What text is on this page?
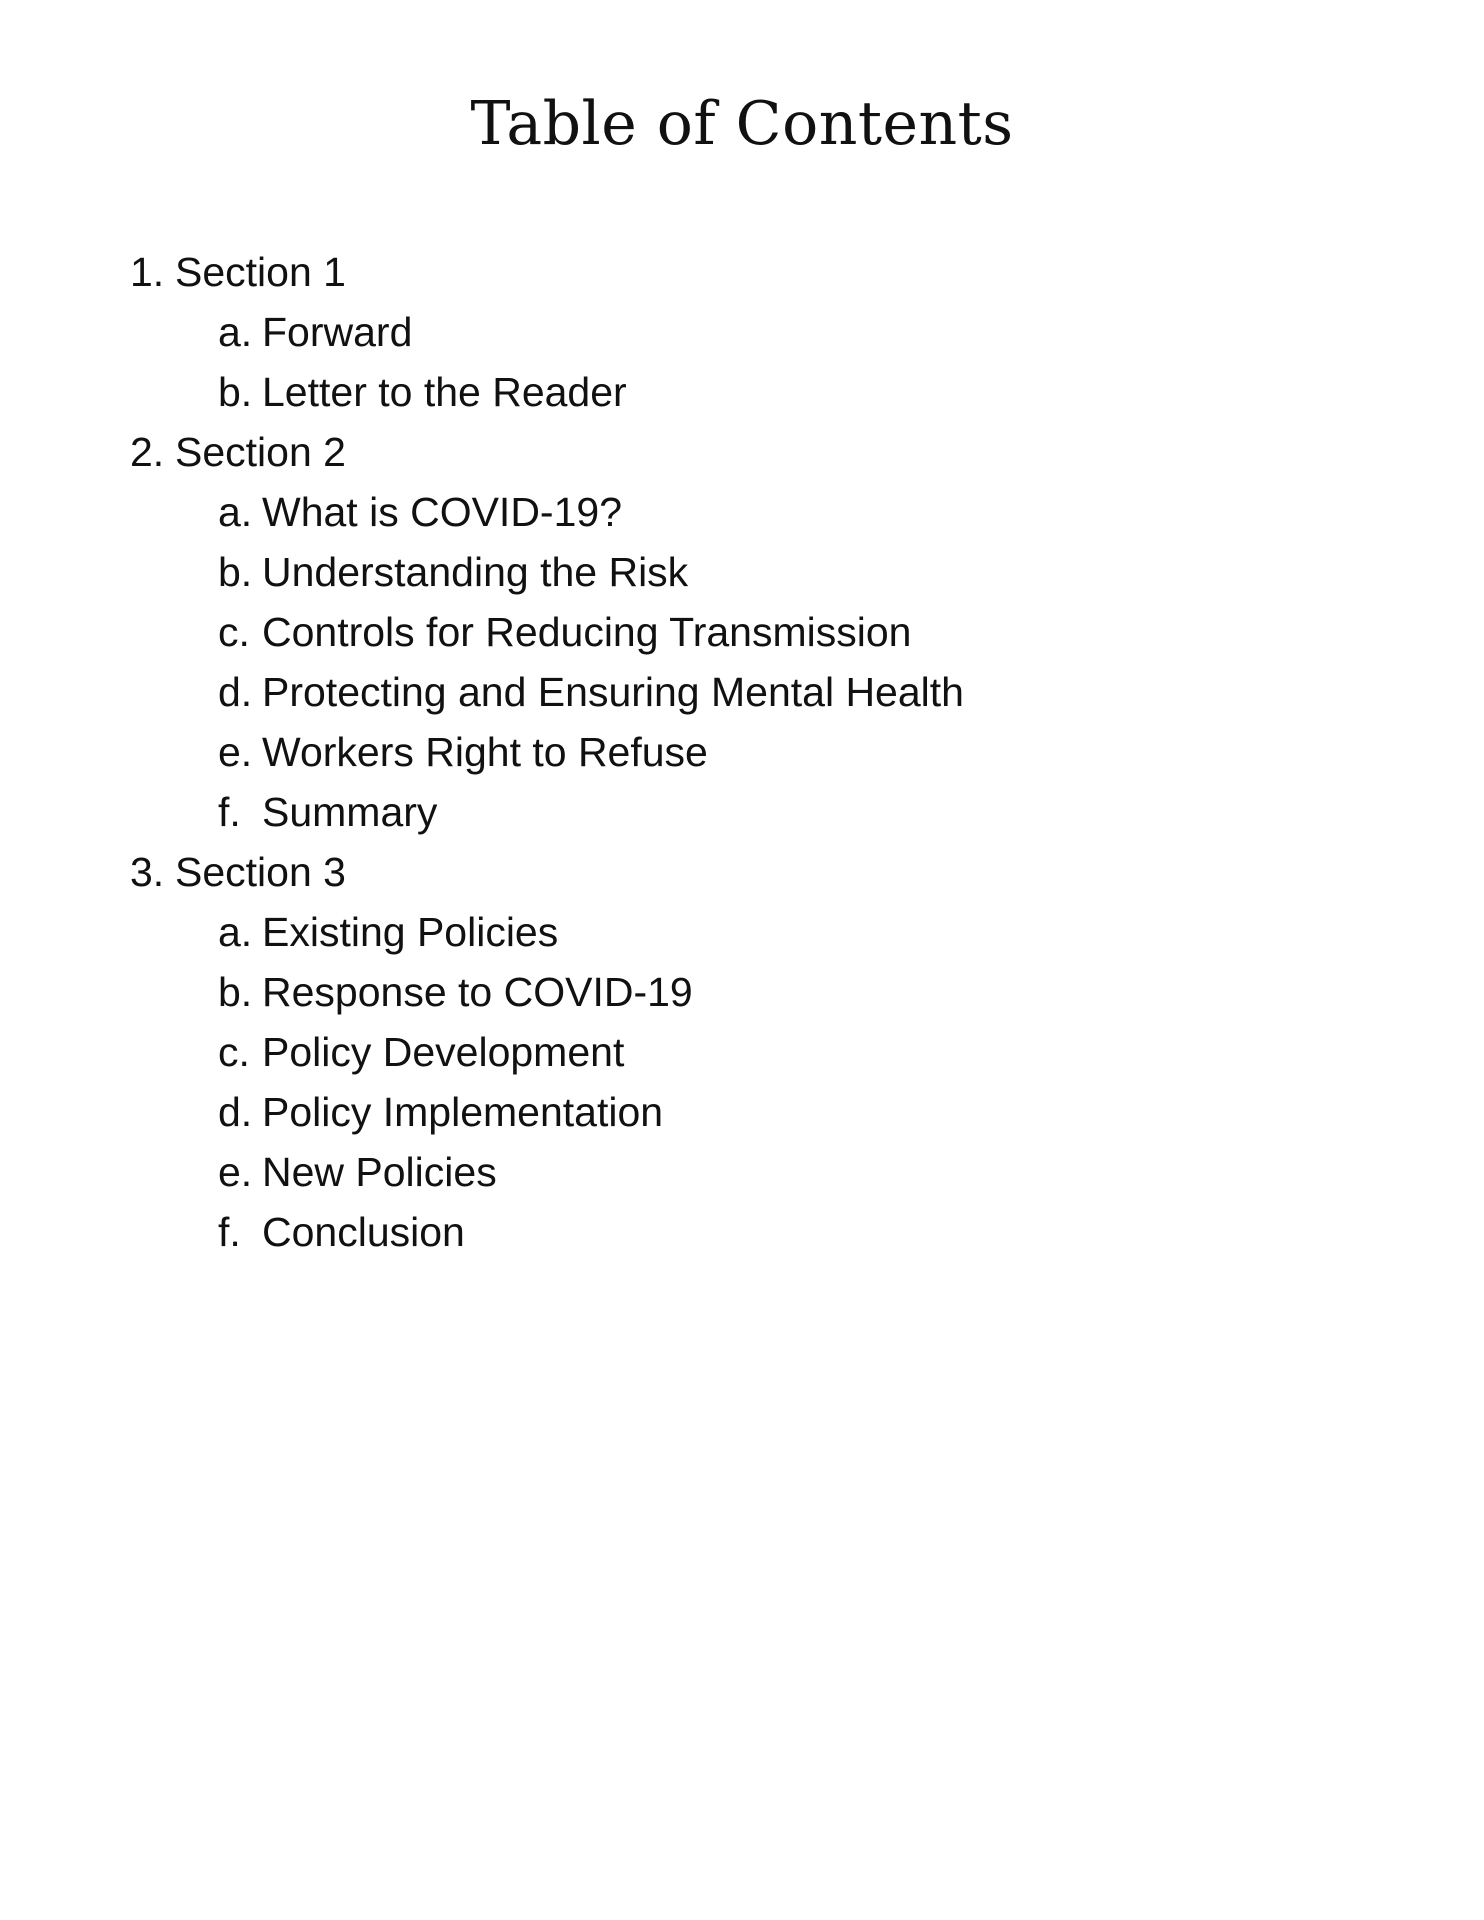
Table of Contents
1. Section 1
a. Forward
b. Letter to the Reader
2. Section 2
a. What is COVID-19?
b. Understanding the Risk
c. Controls for Reducing Transmission
d. Protecting and Ensuring Mental Health
e. Workers Right to Refuse
f. Summary
3. Section 3
a. Existing Policies
b. Response to COVID-19
c. Policy Development
d. Policy Implementation
e. New Policies
f. Conclusion
